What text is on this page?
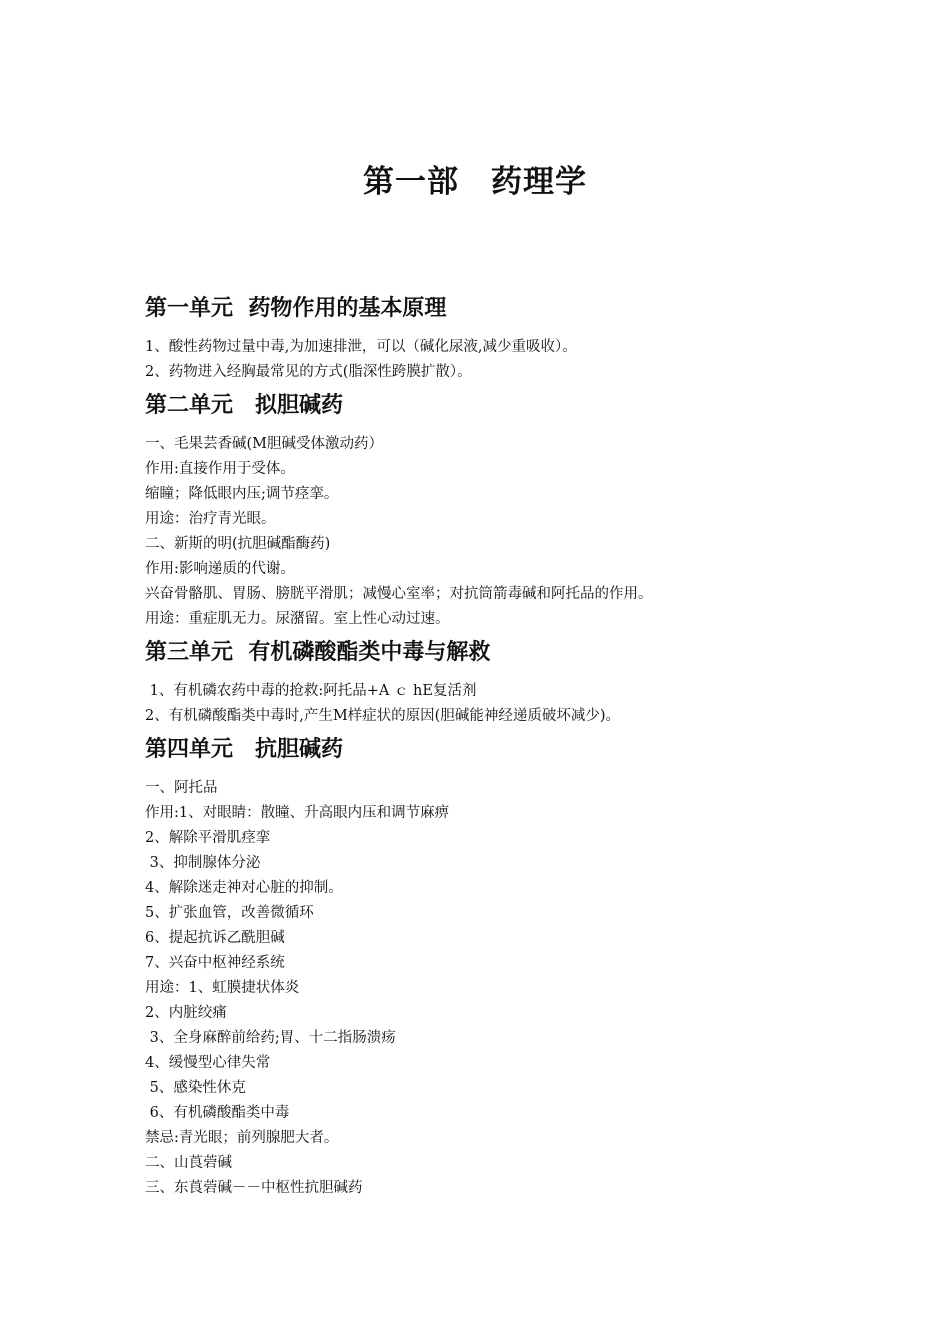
第一部　药理学
第一单元  药物作用的基本原理

1、酸性药物过量中毒,为加速排泄，可以（碱化尿液,减少重吸收）。

2、药物进入经胸最常见的方式(脂深性跨膜扩散）。

第二单元　拟胆碱药

一、毛果芸香碱(M胆碱受体激动药）

作用:直接作用于受体。

缩瞳；降低眼内压;调节痉挛。

用途：治疗青光眼。

二、新斯的明(抗胆碱酯酶药)

作用:影响递质的代谢。

兴奋骨骼肌、胃肠、膀胱平滑肌；减慢心室率；对抗筒箭毒碱和阿托品的作用。

用途：重症肌无力。尿潴留。室上性心动过速。

第三单元  有机磷酸酯类中毒与解救

1、有机磷农药中毒的抢救:阿托品+A ｃ hE复活剂

2、有机磷酸酯类中毒时,产生M样症状的原因(胆碱能神经递质破坏减少)。

第四单元　抗胆碱药

一、阿托品

作用:1、对眼睛：散瞳、升高眼内压和调节麻痹

2、解除平滑肌痉挛

3、抑制腺体分泌

4、解除迷走神对心脏的抑制。

5、扩张血管，改善微循环

6、提起抗诉乙酰胆碱

7、兴奋中枢神经系统

用途：1、虹膜捷状体炎

2、内脏绞痛

3、全身麻醉前给药;胃、十二指肠溃疡

4、缓慢型心律失常

5、感染性休克

6、有机磷酸酯类中毒

禁忌:青光眼；前列腺肥大者。

二、山莨菪碱

三、东莨菪碱－－中枢性抗胆碱药
